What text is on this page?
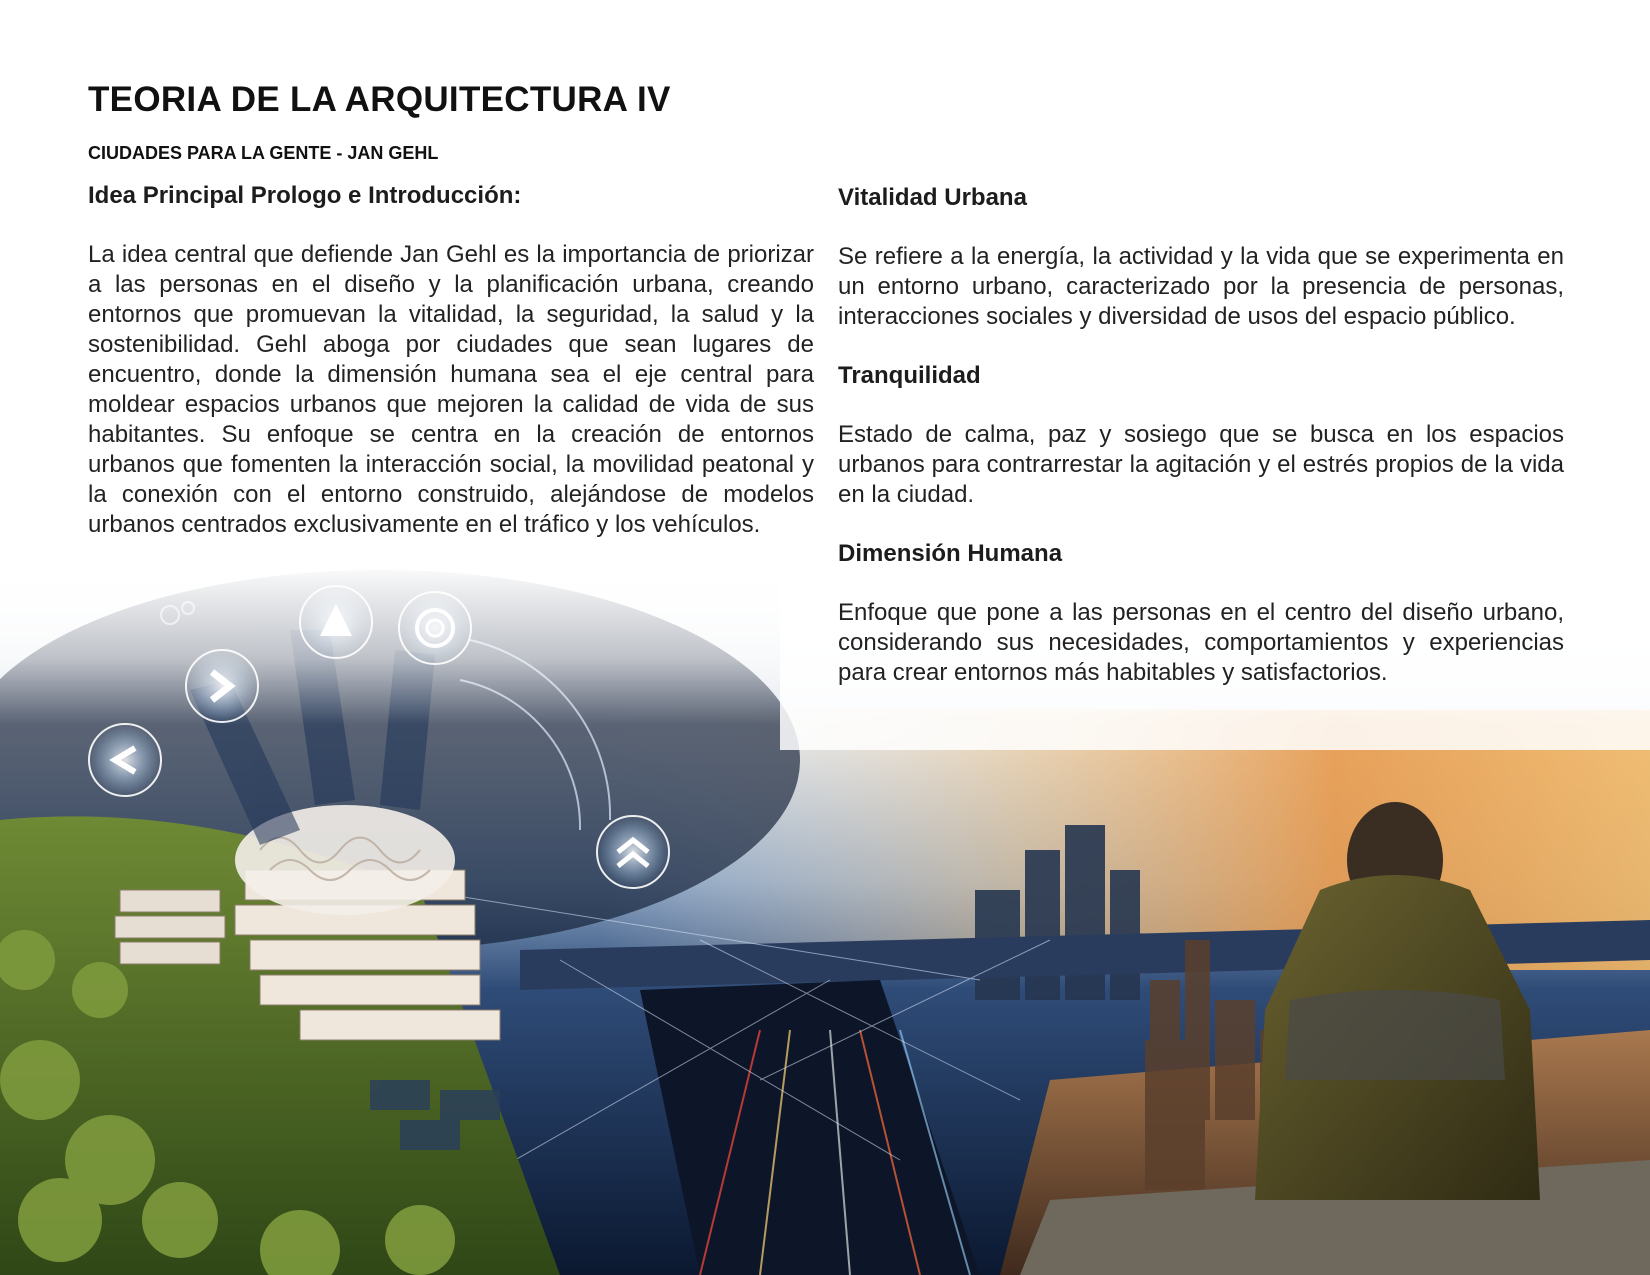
TEORIA DE LA ARQUITECTURA IV
CIUDADES PARA LA GENTE - JAN GEHL
Idea Principal Prologo e Introducción:

La idea central que defiende Jan Gehl es la importancia de priorizar a las personas en el diseño y la planificación urbana, creando entornos que promuevan la vitalidad, la seguridad, la salud y la sostenibilidad. Gehl aboga por ciudades que sean lugares de encuentro, donde la dimensión humana sea el eje central para moldear espacios urbanos que mejoren la calidad de vida de sus habitantes. Su enfoque se centra en la creación de entornos urbanos que fomenten la interacción social, la movilidad peatonal y la conexión con el entorno construido, alejándose de modelos urbanos centrados exclusivamente en el tráfico y los vehículos.

Vitalidad Urbana

Se refiere a la energía, la actividad y la vida que se experimenta en un entorno urbano, caracterizado por la presencia de personas, interacciones sociales y diversidad de usos del espacio público.

Tranquilidad

Estado de calma, paz y sosiego que se busca en los espacios urbanos para contrarrestar la agitación y el estrés propios de la vida en la ciudad.

Dimensión Humana

Enfoque que pone a las personas en el centro del diseño urbano, considerando sus necesidades, comportamientos y experiencias para crear entornos más habitables y satisfactorios.
